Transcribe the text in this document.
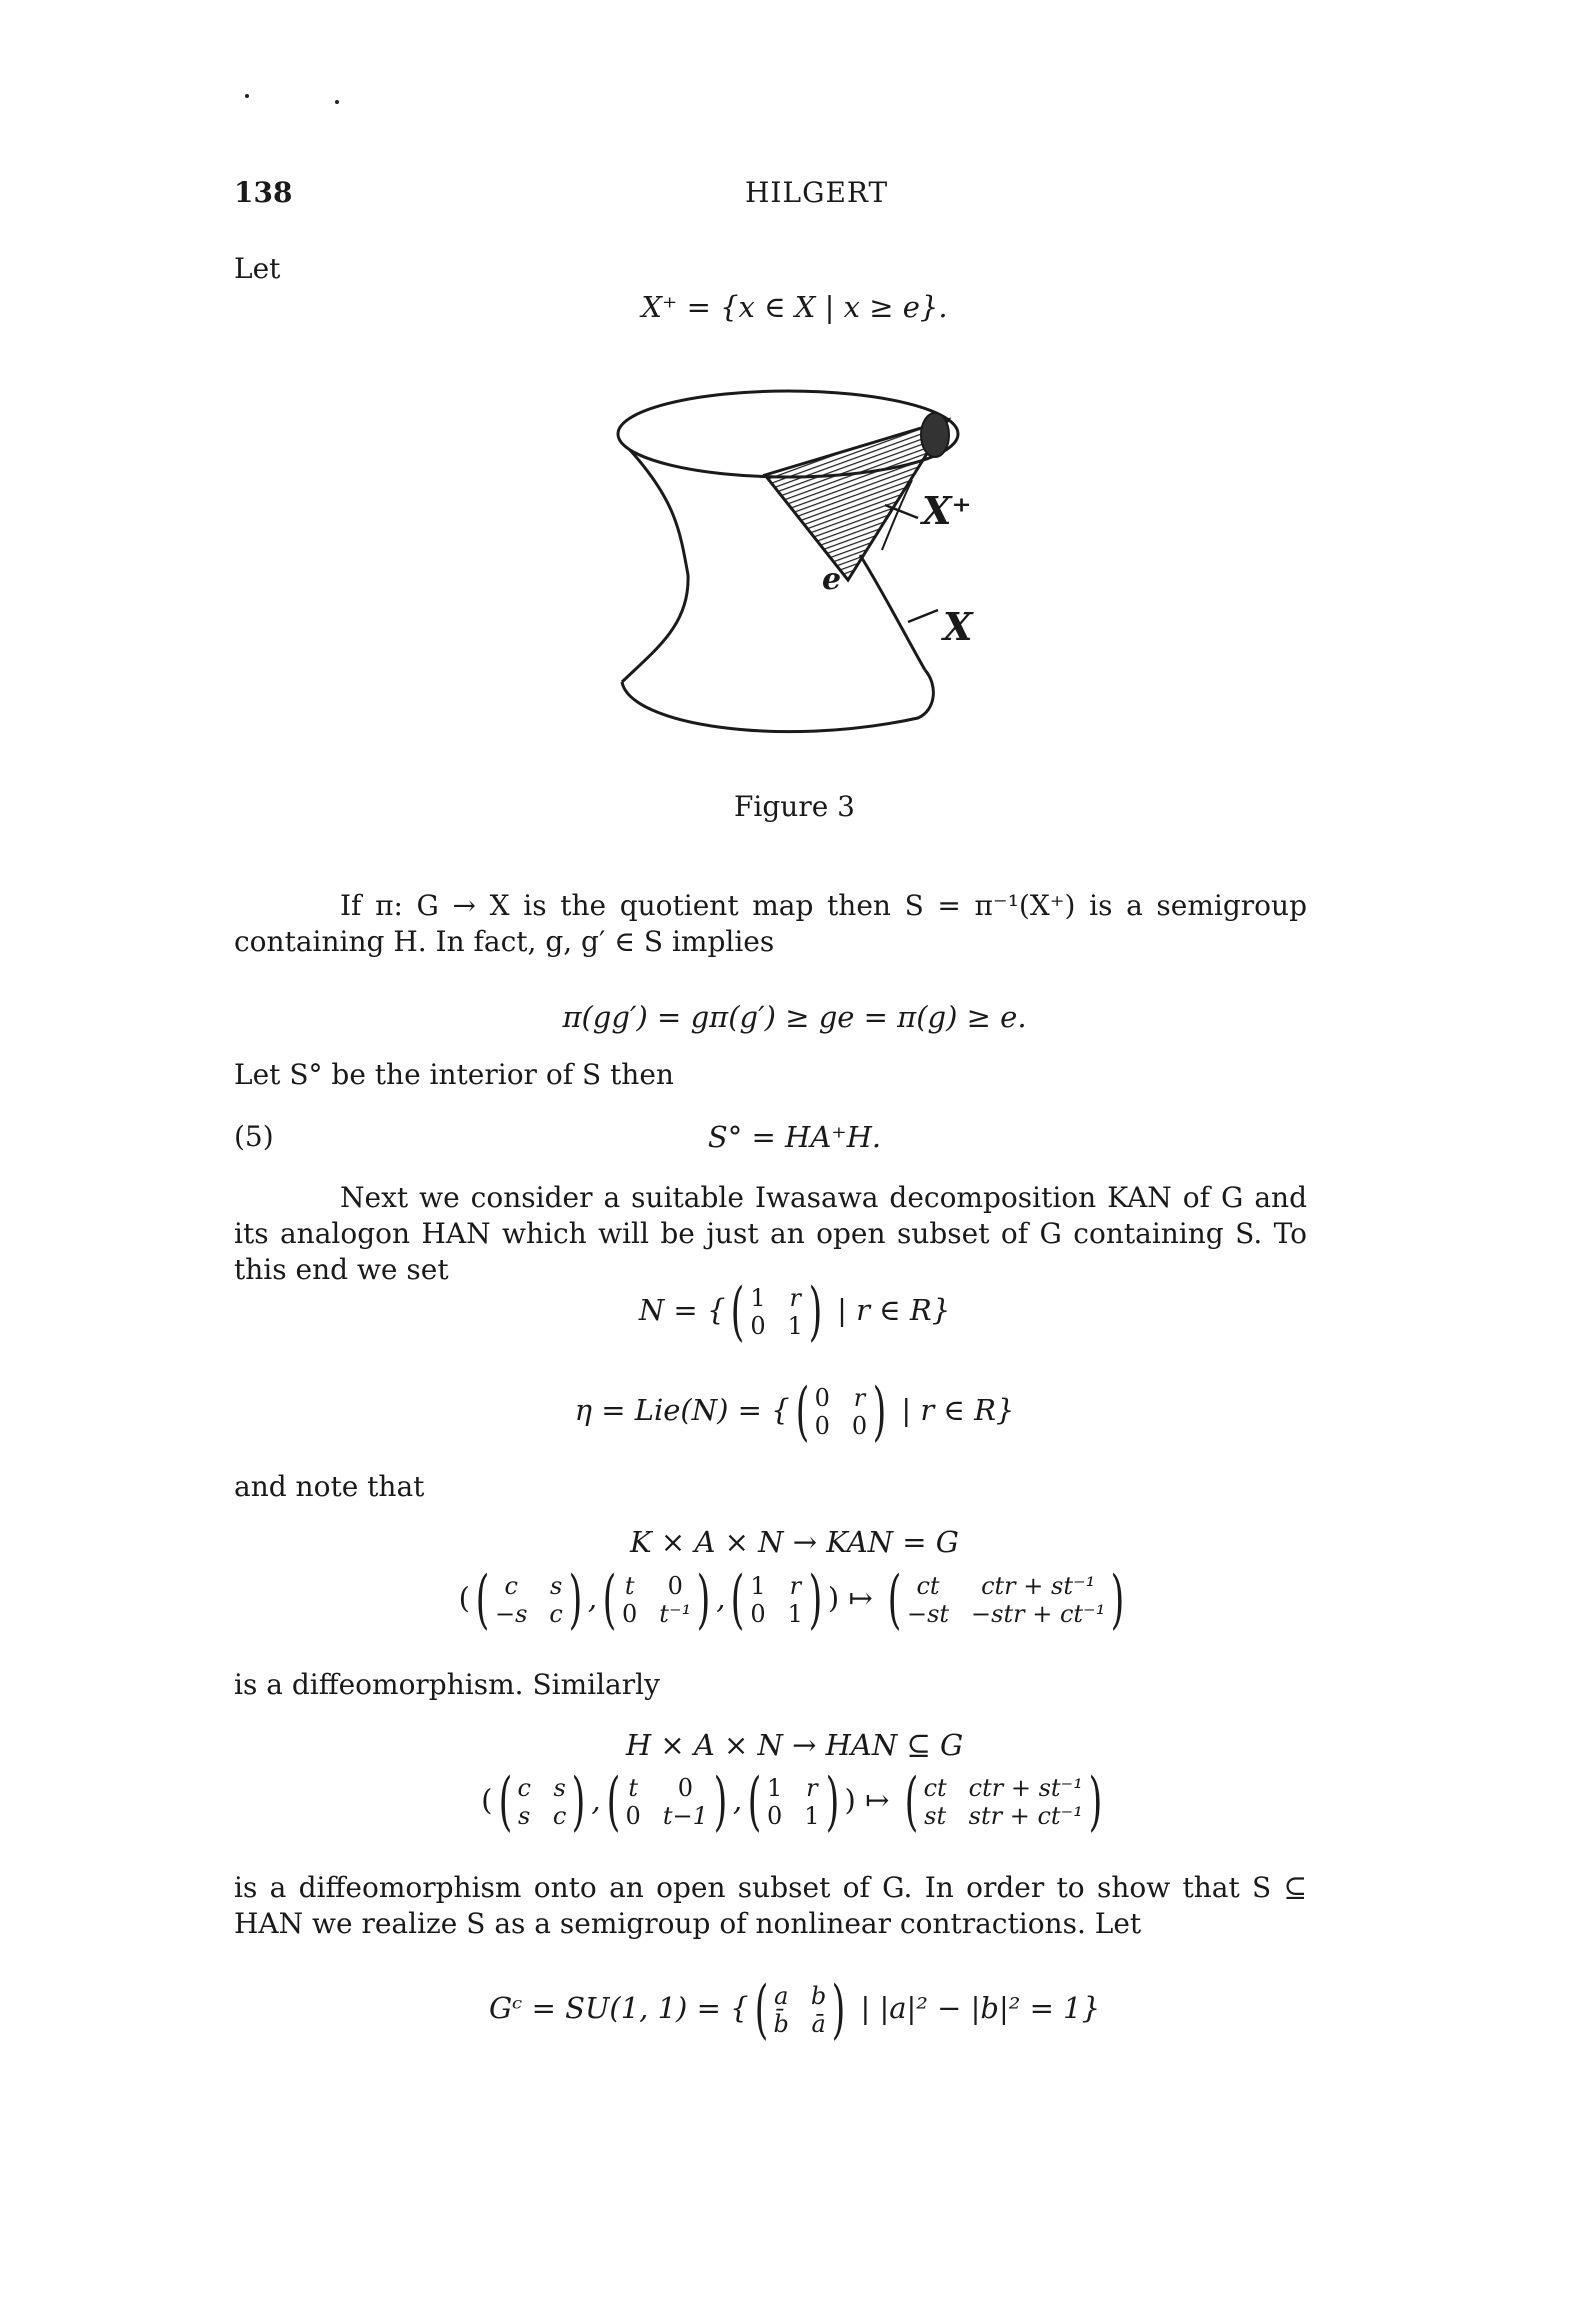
138	HILGERT
Let
X⁺ = {x ∈ X | x ≥ e}.
X⁺
e
X
Figure 3
If π: G → X is the quotient map then S = π⁻¹(X⁺) is a semigroup containing H. In fact, g, g′ ∈ S implies
π(gg′) = gπ(g′) ≥ ge = π(g) ≥ e.
Let S° be the interior of S then
(5)	S° = HA⁺H.
Next we consider a suitable Iwasawa decomposition KAN of G and its analogon HAN which will be just an open subset of G containing S. To this end we set
N = { ( 1 r
0 1 ) | r ∈ R}
η = Lie(N) = { ( 0 r
0 0 ) | r ∈ R}
and note that
K × A × N → KAN = G
( ( c	s
−s c ) , ( t	0
0 t⁻¹ ) , ( 1 r
0 1 ) ) ↦ ( ct	ctr + st⁻¹
−st −str + ct⁻¹ )
is a diffeomorphism. Similarly
H × A × N → HAN ⊆ G
( ( c s
s c ) , ( t	0
0 t−1 ) , ( 1 r
0 1 ) ) ↦ ( ct ctr + st⁻¹
st str + ct⁻¹ )
is a diffeomorphism onto an open subset of G. In order to show that S ⊆ HAN we realize S as a semigroup of nonlinear contractions. Let
Gᶜ = SU(1, 1) = { ( a b
b̄ ā ) | |a|² − |b|² = 1}
